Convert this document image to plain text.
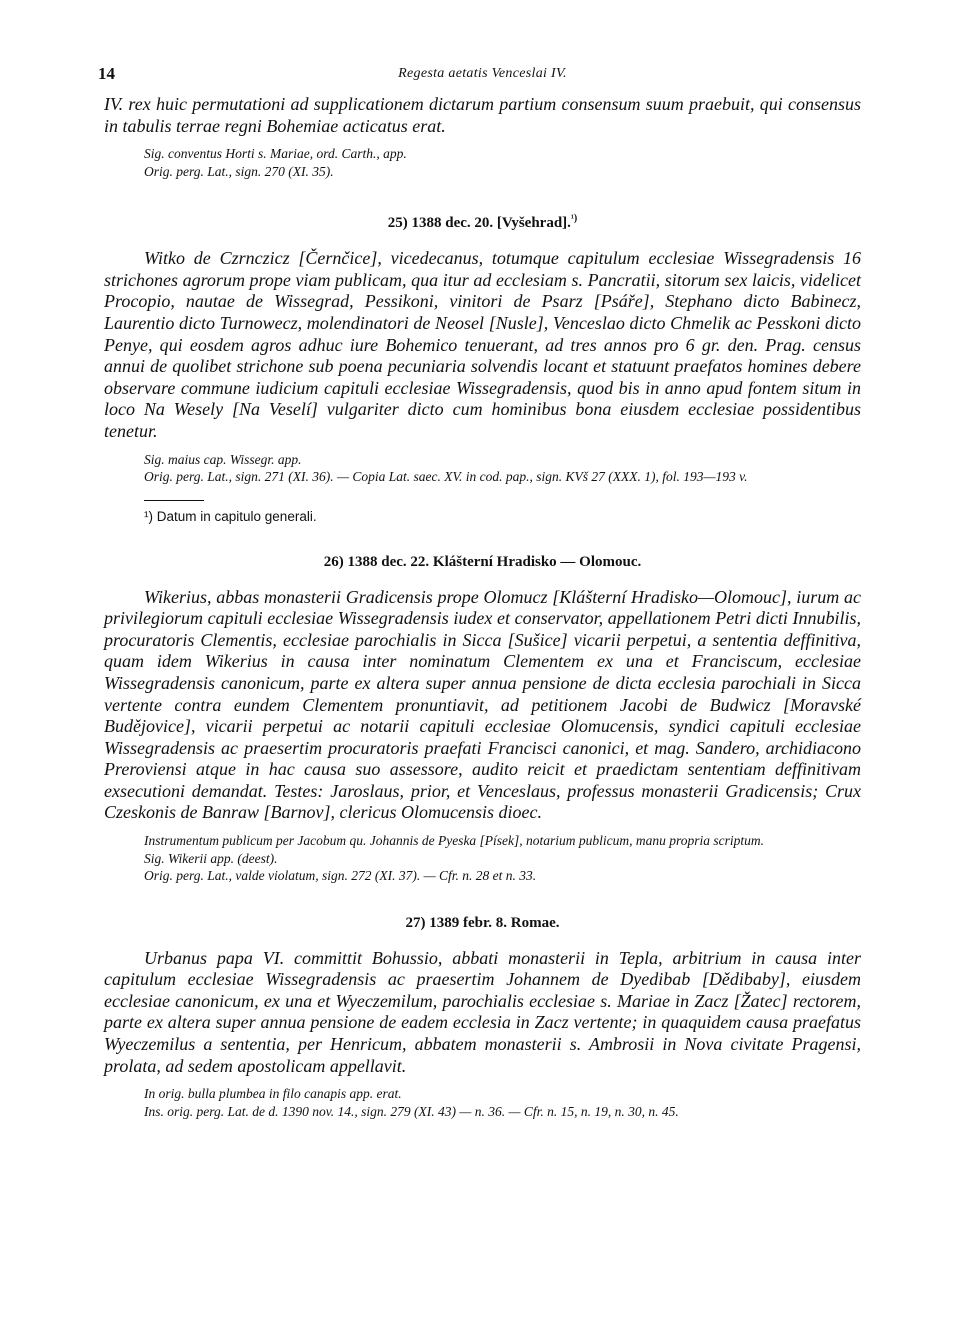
14	Regesta aetatis Venceslai IV.

IV. rex huic permutationi ad supplicationem dictarum partium consensum suum praebuit, qui consensus in tabulis terrae regni Bohemiae acticatus erat.

Sig. conventus Horti s. Mariae, ord. Carth., app.
Orig. perg. Lat., sign. 270 (XI. 35).
25) 1388 dec. 20. [Vyšehrad].$^{^1)}$

Witko de Czrnczicz [Černčice], vicedecanus, totumque capitulum ecclesiae Wissegradensis 16 strichones agrorum prope viam publicam, qua itur ad ecclesiam s. Pancratii, sitorum sex laicis, videlicet Procopio, nautae de Wissegrad, Pessikoni, vinitori de Psarz [Psáře], Stephano dicto Babinecz, Laurentio dicto Turnowecz, molendinatori de Neosel [Nusle], Venceslao dicto Chmelik ac Pesskoni dicto Penye, qui eosdem agros adhuc iure Bohemico tenuerant, ad tres annos pro 6 gr. den. Prag. census annui de quolibet strichone sub poena pecuniaria solvendis locant et statuunt praefatos homines debere observare commune iudicium capituli ecclesiae Wissegradensis, quod bis in anno apud fontem situm in loco Na Wesely [Na Veselí] vulgariter dicto cum hominibus bona eiusdem ecclesiae possidentibus tenetur.

Sig. maius cap. Wissegr. app.
Orig. perg. Lat., sign. 271 (XI. 36). — Copia Lat. saec. XV. in cod. pap., sign. KVš 27 (XXX. 1), fol. 193—193 v.
¹) Datum in capitulo generali.
26) 1388 dec. 22. Klášterní Hradisko — Olomouc.

Wikerius, abbas monasterii Gradicensis prope Olomucz [Klášterní Hradisko—Olomouc], iurum ac privilegiorum capituli ecclesiae Wissegradensis iudex et conservator, appellationem Petri dicti Innubilis, procuratoris Clementis, ecclesiae parochialis in Sicca [Sušice] vicarii perpetui, a sententia deffinitiva, quam idem Wikerius in causa inter nominatum Clementem ex una et Franciscum, ecclesiae Wissegradensis canonicum, parte ex altera super annua pensione de dicta ecclesia parochiali in Sicca vertente contra eundem Clementem pronuntiavit, ad petitionem Jacobi de Budwicz [Moravské Budějovice], vicarii perpetui ac notarii capituli ecclesiae Olomucensis, syndici capituli ecclesiae Wissegradensis ac praesertim procuratoris praefati Francisci canonici, et mag. Sandero, archidiacono Preroviensi atque in hac causa suo assessore, audito reicit et praedictam sententiam deffinitivam exsecutioni demandat. Testes: Jaroslaus, prior, et Venceslaus, professus monasterii Gradicensis; Crux Czeskonis de Banraw [Barnov], clericus Olomucensis dioec.

Instrumentum publicum per Jacobum qu. Johannis de Pyeska [Písek], notarium publicum, manu propria scriptum.
Sig. Wikerii app. (deest).
Orig. perg. Lat., valde violatum, sign. 272 (XI. 37). — Cfr. n. 28 et n. 33.
27) 1389 febr. 8. Romae.

Urbanus papa VI. committit Bohussio, abbati monasterii in Tepla, arbitrium in causa inter capitulum ecclesiae Wissegradensis ac praesertim Johannem de Dyedibab [Dědibaby], eiusdem ecclesiae canonicum, ex una et Wyeczemilum, parochialis ecclesiae s. Mariae in Zacz [Žatec] rectorem, parte ex altera super annua pensione de eadem ecclesia in Zacz vertente; in quaquidem causa praefatus Wyeczemilus a sententia, per Henricum, abbatem monasterii s. Ambrosii in Nova civitate Pragensi, prolata, ad sedem apostolicam appellavit.

In orig. bulla plumbea in filo canapis app. erat.
Ins. orig. perg. Lat. de d. 1390 nov. 14., sign. 279 (XI. 43) — n. 36. — Cfr. n. 15, n. 19, n. 30, n. 45.
